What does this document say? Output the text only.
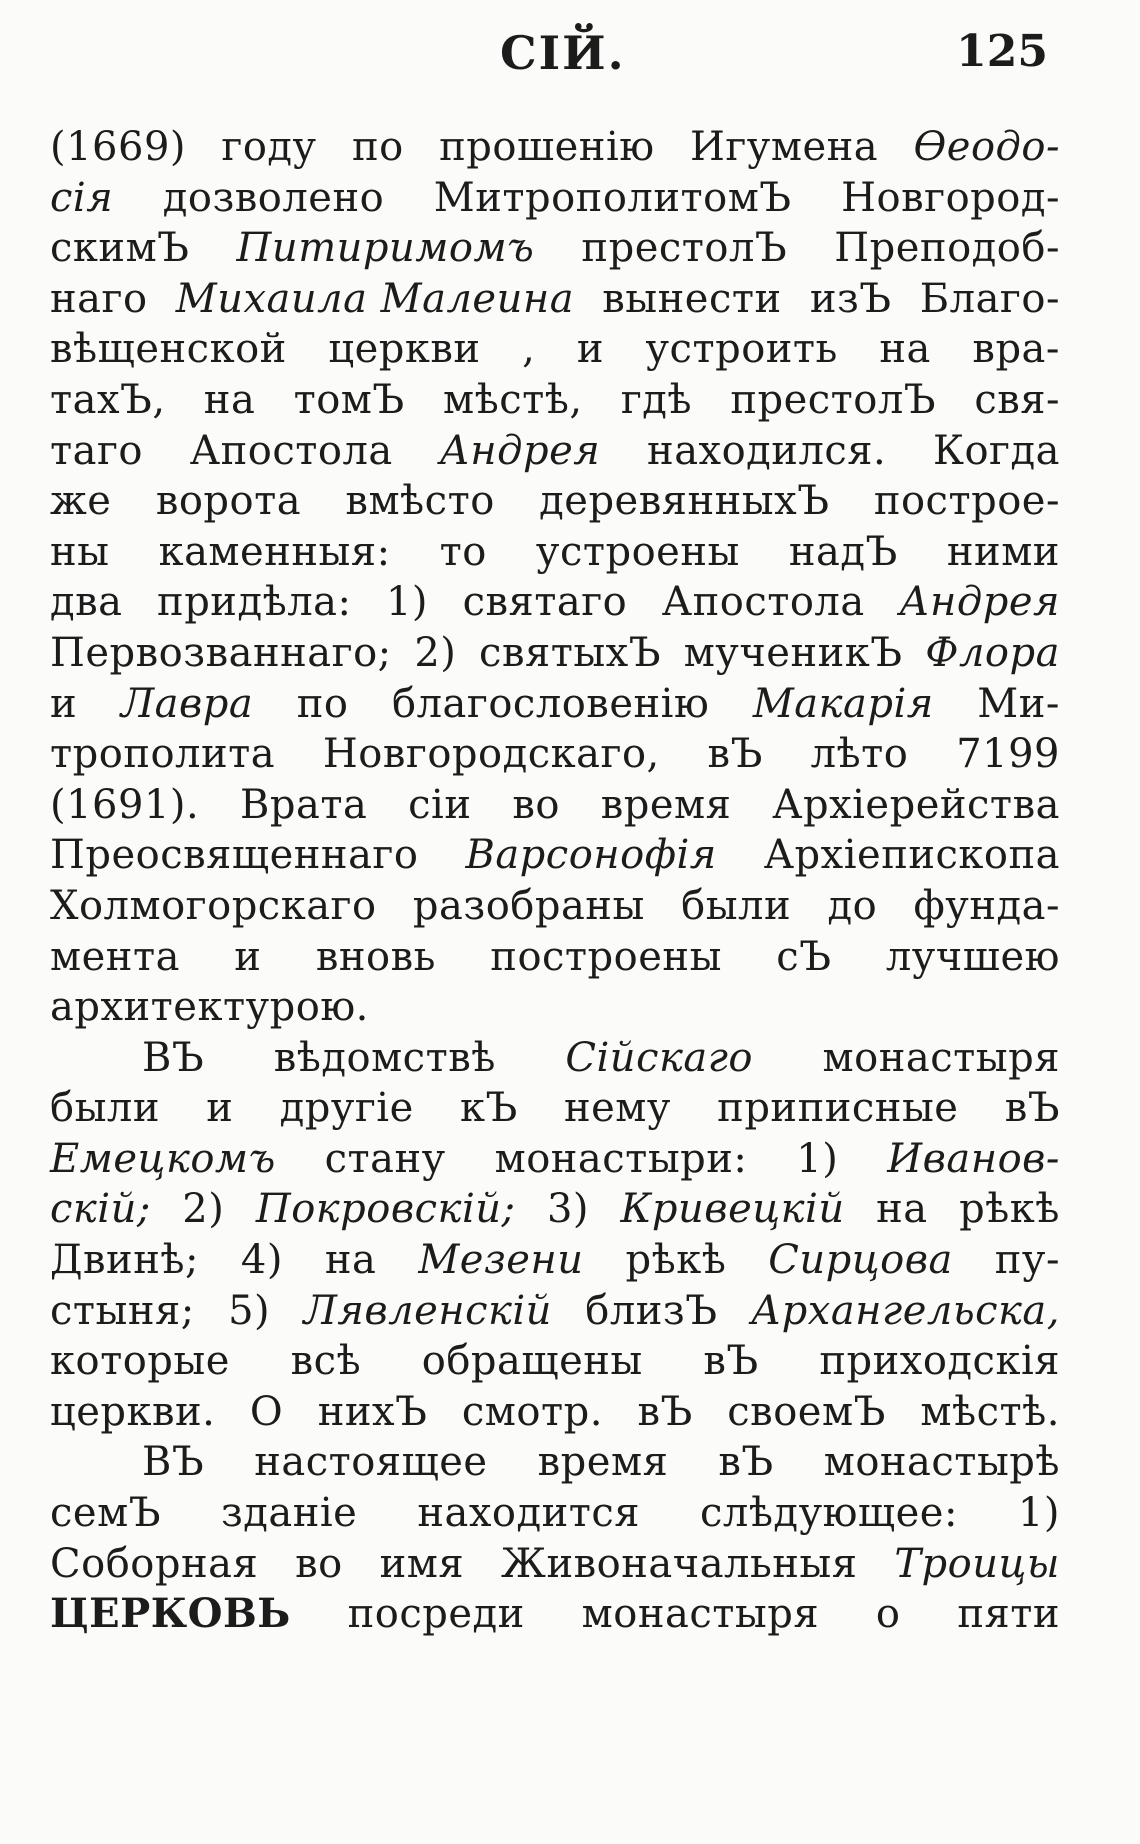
СІЙ.	125
(1669) году по прошенію Игумена Өеодо-
сія дозволено МитрополитомЪ Новгород-
скимЪ Питиримомъ престолЪ Преподоб-
наго Михаила Малеина вынести изЪ Благо-
вѣщенской церкви , и устроить на вра-
тахЪ, на томЪ мѣстѣ, гдѣ престолЪ свя-
таго Апостола Андрея находился. Когда
же ворота вмѣсто деревянныхЪ построе-
ны каменныя: то устроены надЪ ними
два придѣла: 1) святаго Апостола Андрея
Первозваннаго; 2) святыхЪ мученикЪ Флора
и Лавра по благословенію Макарія Ми-
трополита Новгородскаго, вЪ лѣто 7199
(1691). Врата сіи во время Архіерейства
Преосвященнаго Варсонофія Архіепископа
Холмогорскаго разобраны были до фунда-
мента и вновь построены сЪ лучшею
архитектурою.
ВЪ вѣдомствѣ Сійскаго монастыря
были и другіе кЪ нему приписные вЪ
Емецкомъ стану монастыри: 1) Иванов-
скій; 2) Покровскій; 3) Кривецкій на рѣкѣ
Двинѣ; 4) на Мезени рѣкѣ Сирцова пу-
стыня; 5) Лявленскій близЪ Архангельска,
которые всѣ обращены вЪ приходскія
церкви. О нихЪ смотр. вЪ своемЪ мѣстѣ.
ВЪ настоящее время вЪ монастырѣ
семЪ зданіе находится слѣдующее: 1)
Соборная во имя Живоначальныя Троицы
ЦЕРКОВЬ посреди монастыря о пяти
